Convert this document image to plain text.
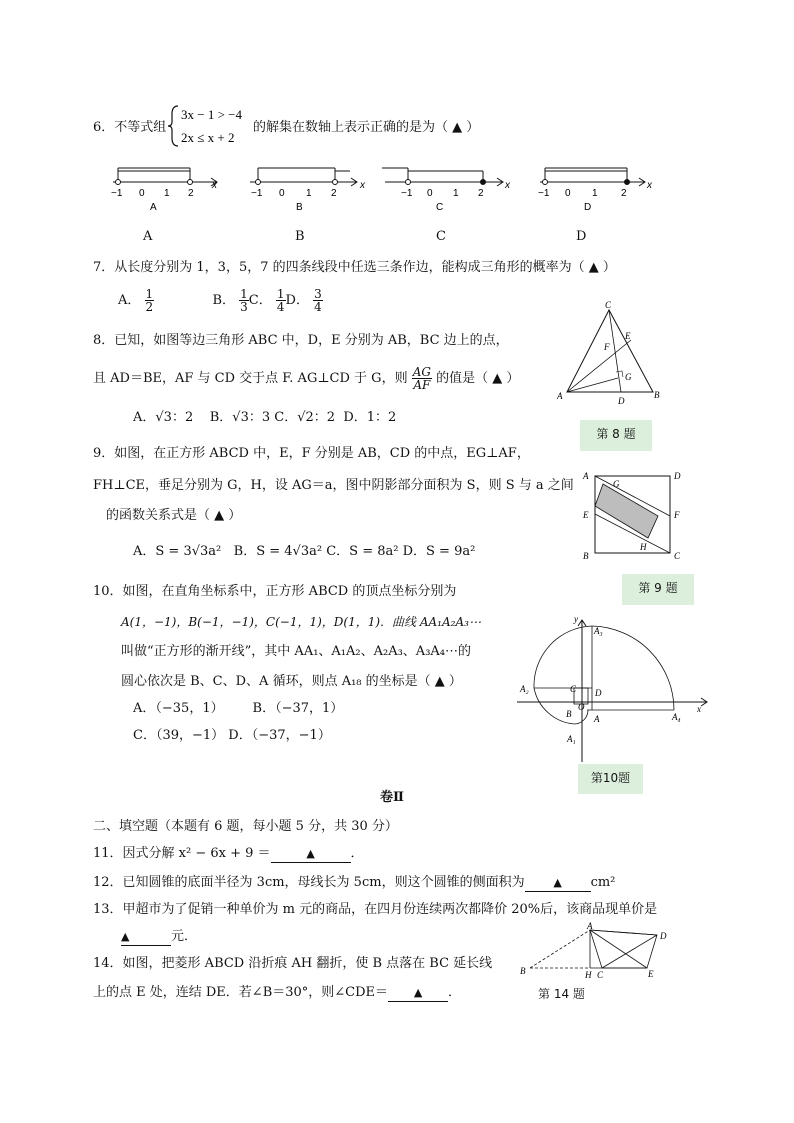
6．不等式组
3x − 1 > −4
2x ≤ x + 2
的解集在数轴上表示正确的是为（ ▲ ）
x
−1 0 1 2
A
x
−1 0 1 2
B
x
−1 0 1 2
C
x
−1 0 1 2
D
A	B	C	D
7．从长度分别为 1，3，5，7 的四条线段中任选三条作边，能构成三角形的概率为（ ▲ ）
A． $\frac{1}{2}$	B． $\frac{1}{3}$ C． $\frac{1}{4}$ D． $\frac{3}{4}$
8．已知，如图等边三角形 ABC 中，D，E 分别为 AB，BC 边上的点，
且 AD＝BE，AF 与 CD 交于点 F. AG⊥CD 于 G，则 $\frac{AG}{AF}$ 的值是（ ▲ ）
A．√3：2 B．√3：3 C．√2：2 D．1：2
C
A	B
D
E
F
G
第 8 题
9．如图，在正方形 ABCD 中，E，F 分别是 AB，CD 的中点，EG⊥AF，
FH⊥CE，垂足分别为 G，H，设 AG＝a，图中阴影部分面积为 S，则 S 与 a 之间
的函数关系式是（ ▲ ）
A．S = 3√3a² B．S = 4√3a² C．S = 8a² D．S = 9a²
A	D
E	F
B	C
G
H
第 9 题
10．如图，在直角坐标系中，正方形 ABCD 的顶点坐标分别为
A(1，−1)，B(−1，−1)，C(−1，1)，D(1，1)．曲线 AA₁A₂A₃⋯
叫做“正方形的渐开线”，其中 AA₁、A₁A₂、A₂A₃、A₃A₄⋯的
圆心依次是 B、C、D、A 循环，则点 A₁₈ 的坐标是（ ▲ ）
A．（−35，1） B．（−37，1）
C．（39，−1） D．（−37，−1）
y
x
A₃
A₂	C D
O
B	A
A₁
A₄
第10题
卷Ⅱ
二、填空题（本题有 6 题，每小题 5 分，共 30 分）
11．因式分解 x² − 6x + 9 ＝	▲	．
12．已知圆锥的底面半径为 3cm，母线长为 5cm，则这个圆锥的侧面积为	▲ cm²
13．甲超市为了促销一种单价为 m 元的商品，在四月份连续两次都降价 20%后，该商品现单价是
▲	元．
14．如图，把菱形 ABCD 沿折痕 AH 翻折，使 B 点落在 BC 延长线
上的点 E 处，连结 DE．若∠B＝30°，则∠CDE＝ ▲ ．
B
A
D
H C	E
第 14 题
